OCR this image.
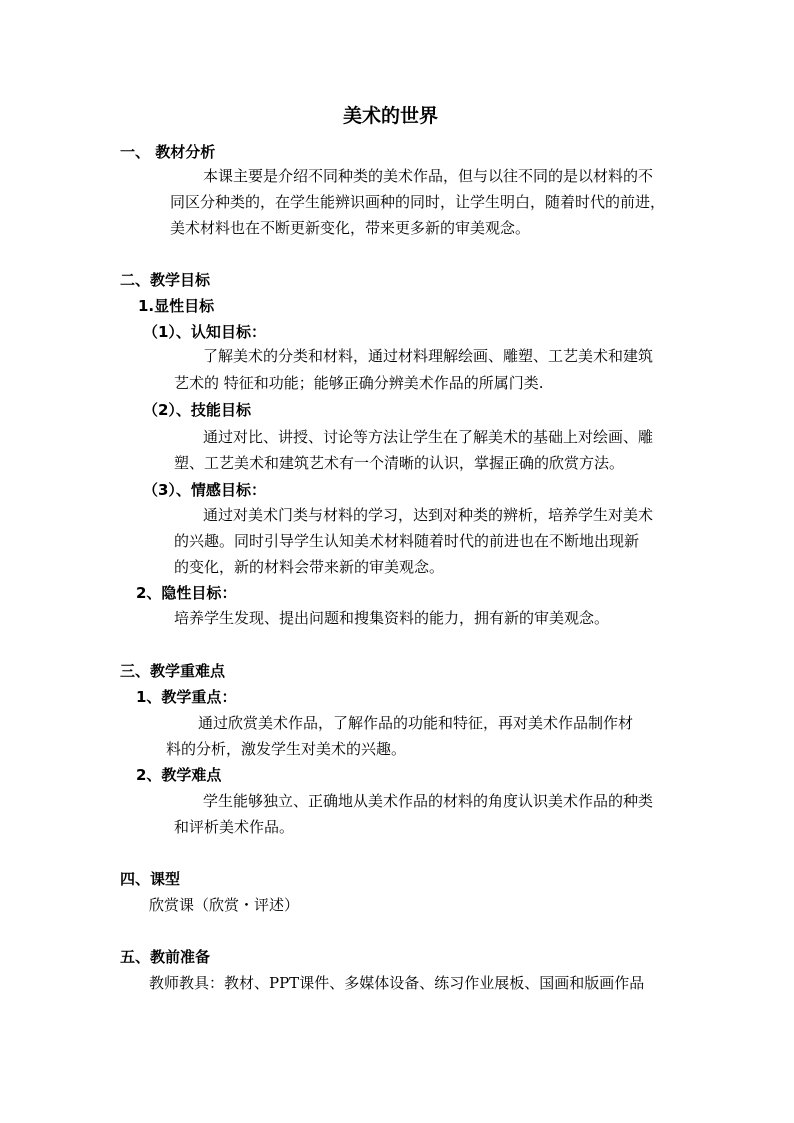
美术的世界
一、 教材分析
本课主要是介绍不同种类的美术作品，但与以往不同的是以材料的不
同区分种类的，在学生能辨识画种的同时，让学生明白，随着时代的前进，
美术材料也在不断更新变化，带来更多新的审美观念。
二、教学目标
1.显性目标
（1）、认知目标：
了解美术的分类和材料，通过材料理解绘画、雕塑、工艺美术和建筑
艺术的 特征和功能；能够正确分辨美术作品的所属门类.
（2）、技能目标
通过对比、讲授、讨论等方法让学生在了解美术的基础上对绘画、雕
塑、工艺美术和建筑艺术有一个清晰的认识，掌握正确的欣赏方法。
（3）、情感目标：
通过对美术门类与材料的学习，达到对种类的辨析，培养学生对美术
的兴趣。同时引导学生认知美术材料随着时代的前进也在不断地出现新
的变化，新的材料会带来新的审美观念。
2、隐性目标：
培养学生发现、提出问题和搜集资料的能力，拥有新的审美观念。
三、教学重难点
1、教学重点：
通过欣赏美术作品，了解作品的功能和特征，再对美术作品制作材
料的分析，激发学生对美术的兴趣。
2、教学难点
学生能够独立、正确地从美术作品的材料的角度认识美术作品的种类
和评析美术作品。
四、课型
欣赏课（欣赏・评述）
五、教前准备
教师教具：教材、PPT课件、多媒体设备、练习作业展板、国画和版画作品
